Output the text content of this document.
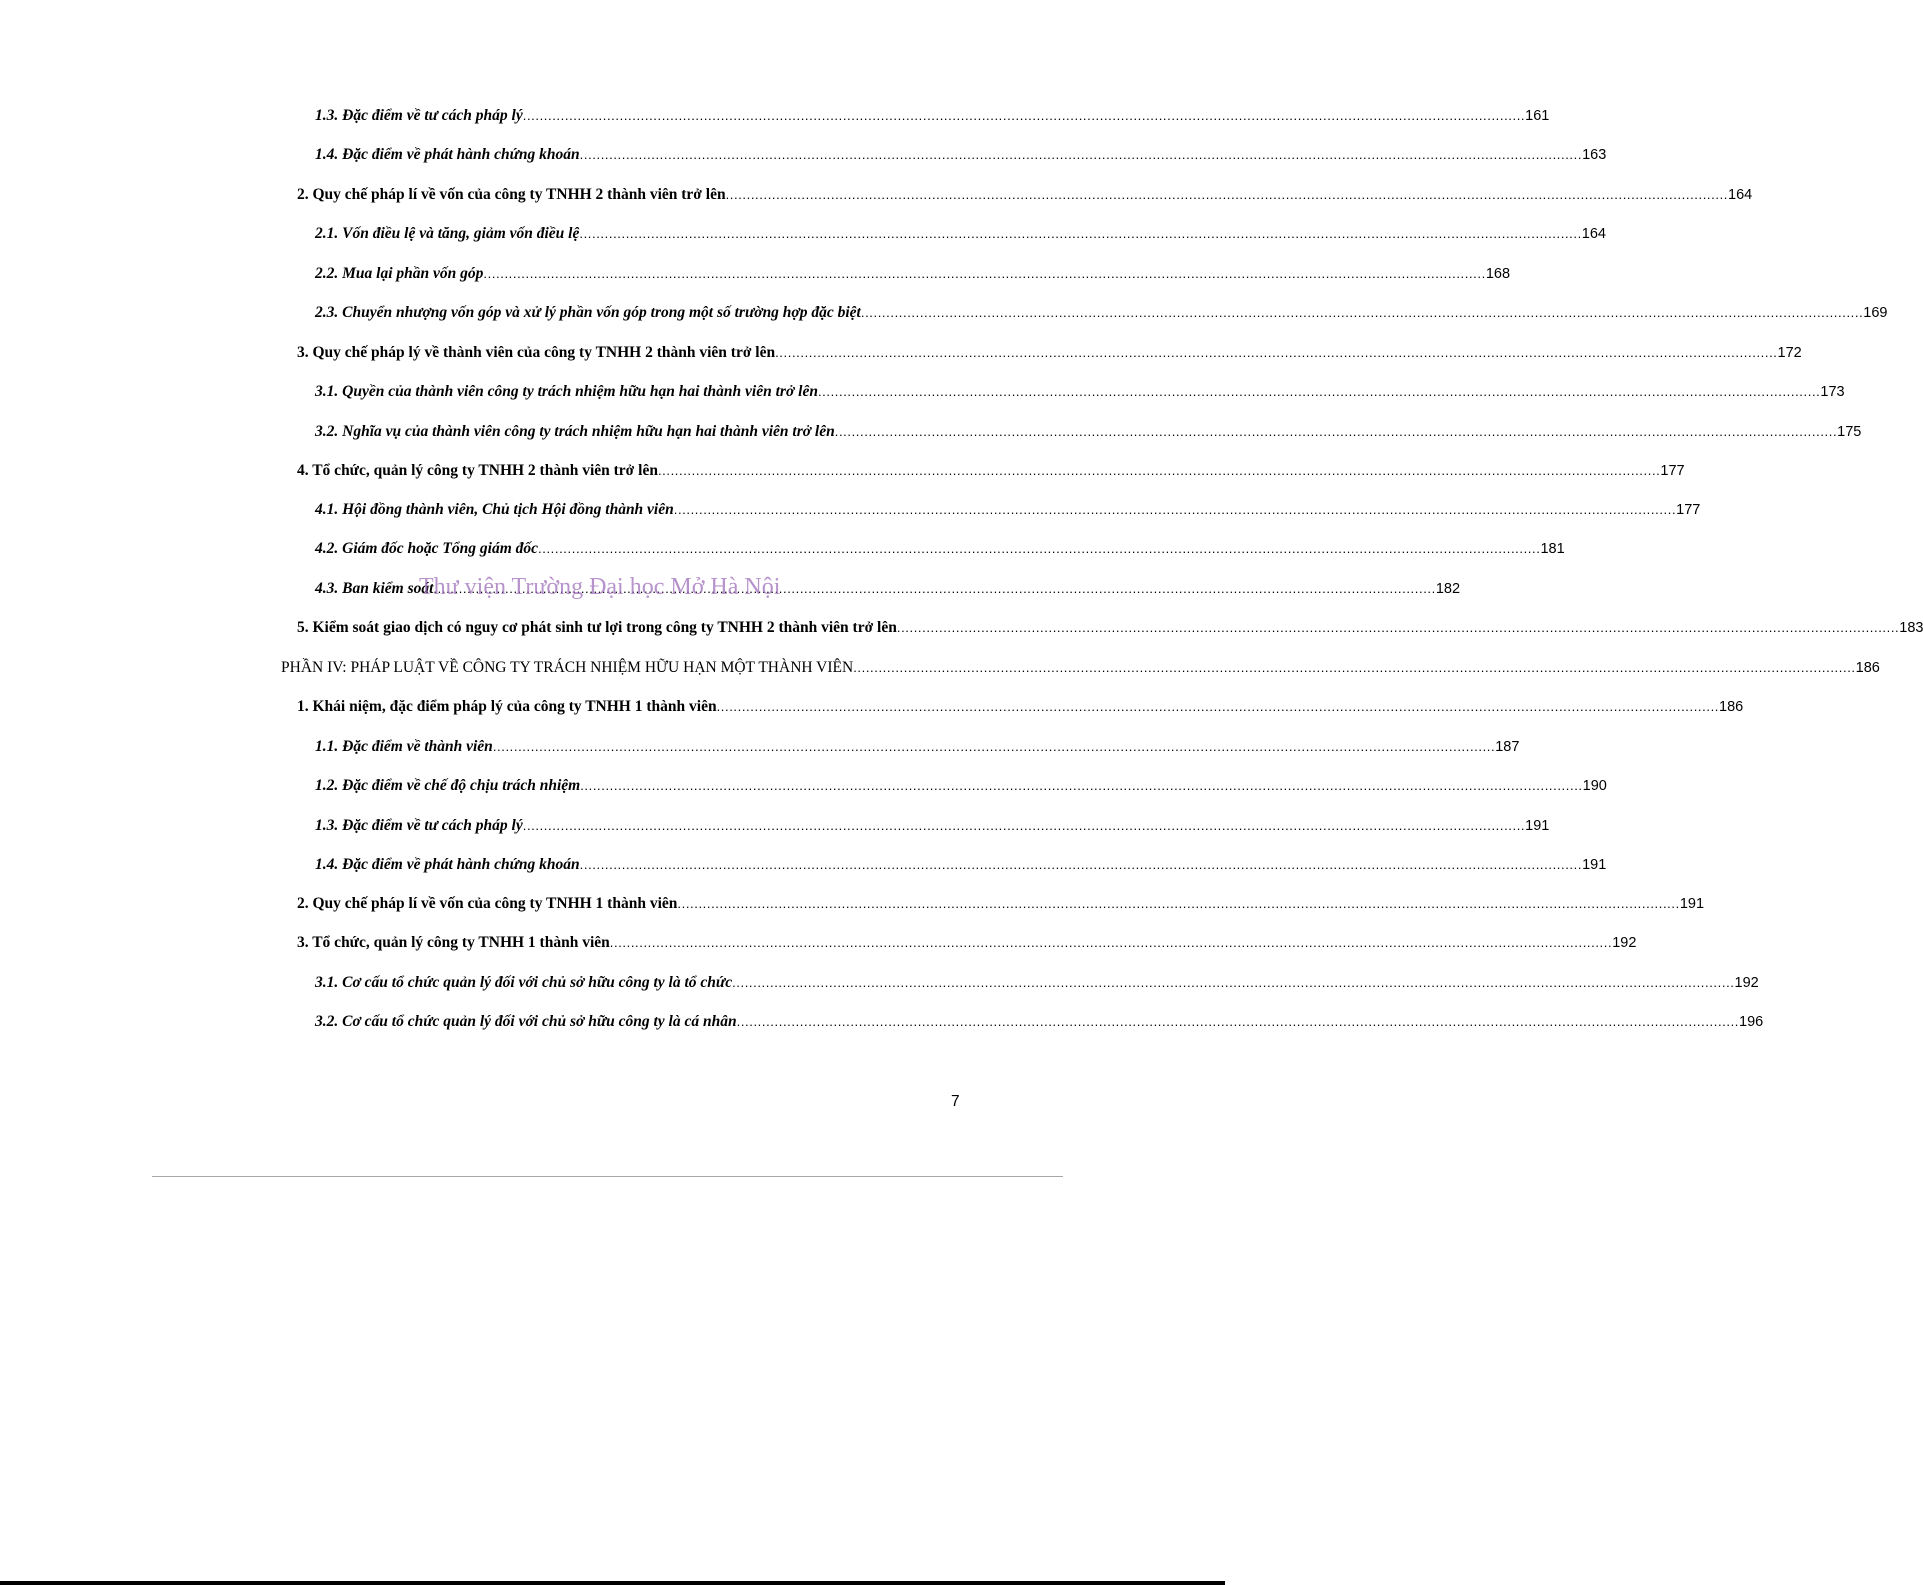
1.3. Đặc điểm về tư cách pháp lý .....	161
1.4. Đặc điểm về phát hành chứng khoán .....	163
2. Quy chế pháp lí về vốn của công ty TNHH 2 thành viên trở lên .....	164
2.1. Vốn điều lệ và tăng, giảm vốn điều lệ .....	164
2.2. Mua lại phần vốn góp .....	168
2.3. Chuyển nhượng vốn góp và xử lý phần vốn góp trong một số trường hợp đặc biệt .....	169
3. Quy chế pháp lý về thành viên của công ty TNHH 2 thành viên trở lên .....	172
3.1. Quyền của thành viên công ty trách nhiệm hữu hạn hai thành viên trở lên .....	173
3.2. Nghĩa vụ của thành viên công ty trách nhiệm hữu hạn hai thành viên trở lên .....	175
4. Tổ chức, quản lý công ty TNHH 2 thành viên trở lên .....	177
4.1. Hội đồng thành viên, Chủ tịch Hội đồng thành viên .....	177
4.2. Giám đốc hoặc Tổng giám đốc .....	181
4.3. Ban kiểm soát .....	182
5. Kiểm soát giao dịch có nguy cơ phát sinh tư lợi trong công ty TNHH 2 thành viên trở lên .....	183
PHẦN IV: PHÁP LUẬT VỀ CÔNG TY TRÁCH NHIỆM HỮU HẠN MỘT THÀNH VIÊN .....	186
1. Khái niệm, đặc điểm pháp lý của công ty TNHH 1 thành viên .....	186
1.1. Đặc điểm về thành viên .....	187
1.2. Đặc điểm về chế độ chịu trách nhiệm .....	190
1.3. Đặc điểm về tư cách pháp lý .....	191
1.4. Đặc điểm về phát hành chứng khoán .....	191
2. Quy chế pháp lí về vốn của công ty TNHH 1 thành viên .....	191
3. Tổ chức, quản lý công ty TNHH 1 thành viên .....	192
3.1. Cơ cấu tổ chức quản lý đối với chủ sở hữu công ty là tổ chức .....	192
3.2. Cơ cấu tổ chức quản lý đối với chủ sở hữu công ty là cá nhân .....	196
Thư viện Trường Đại học Mở Hà Nội
7
